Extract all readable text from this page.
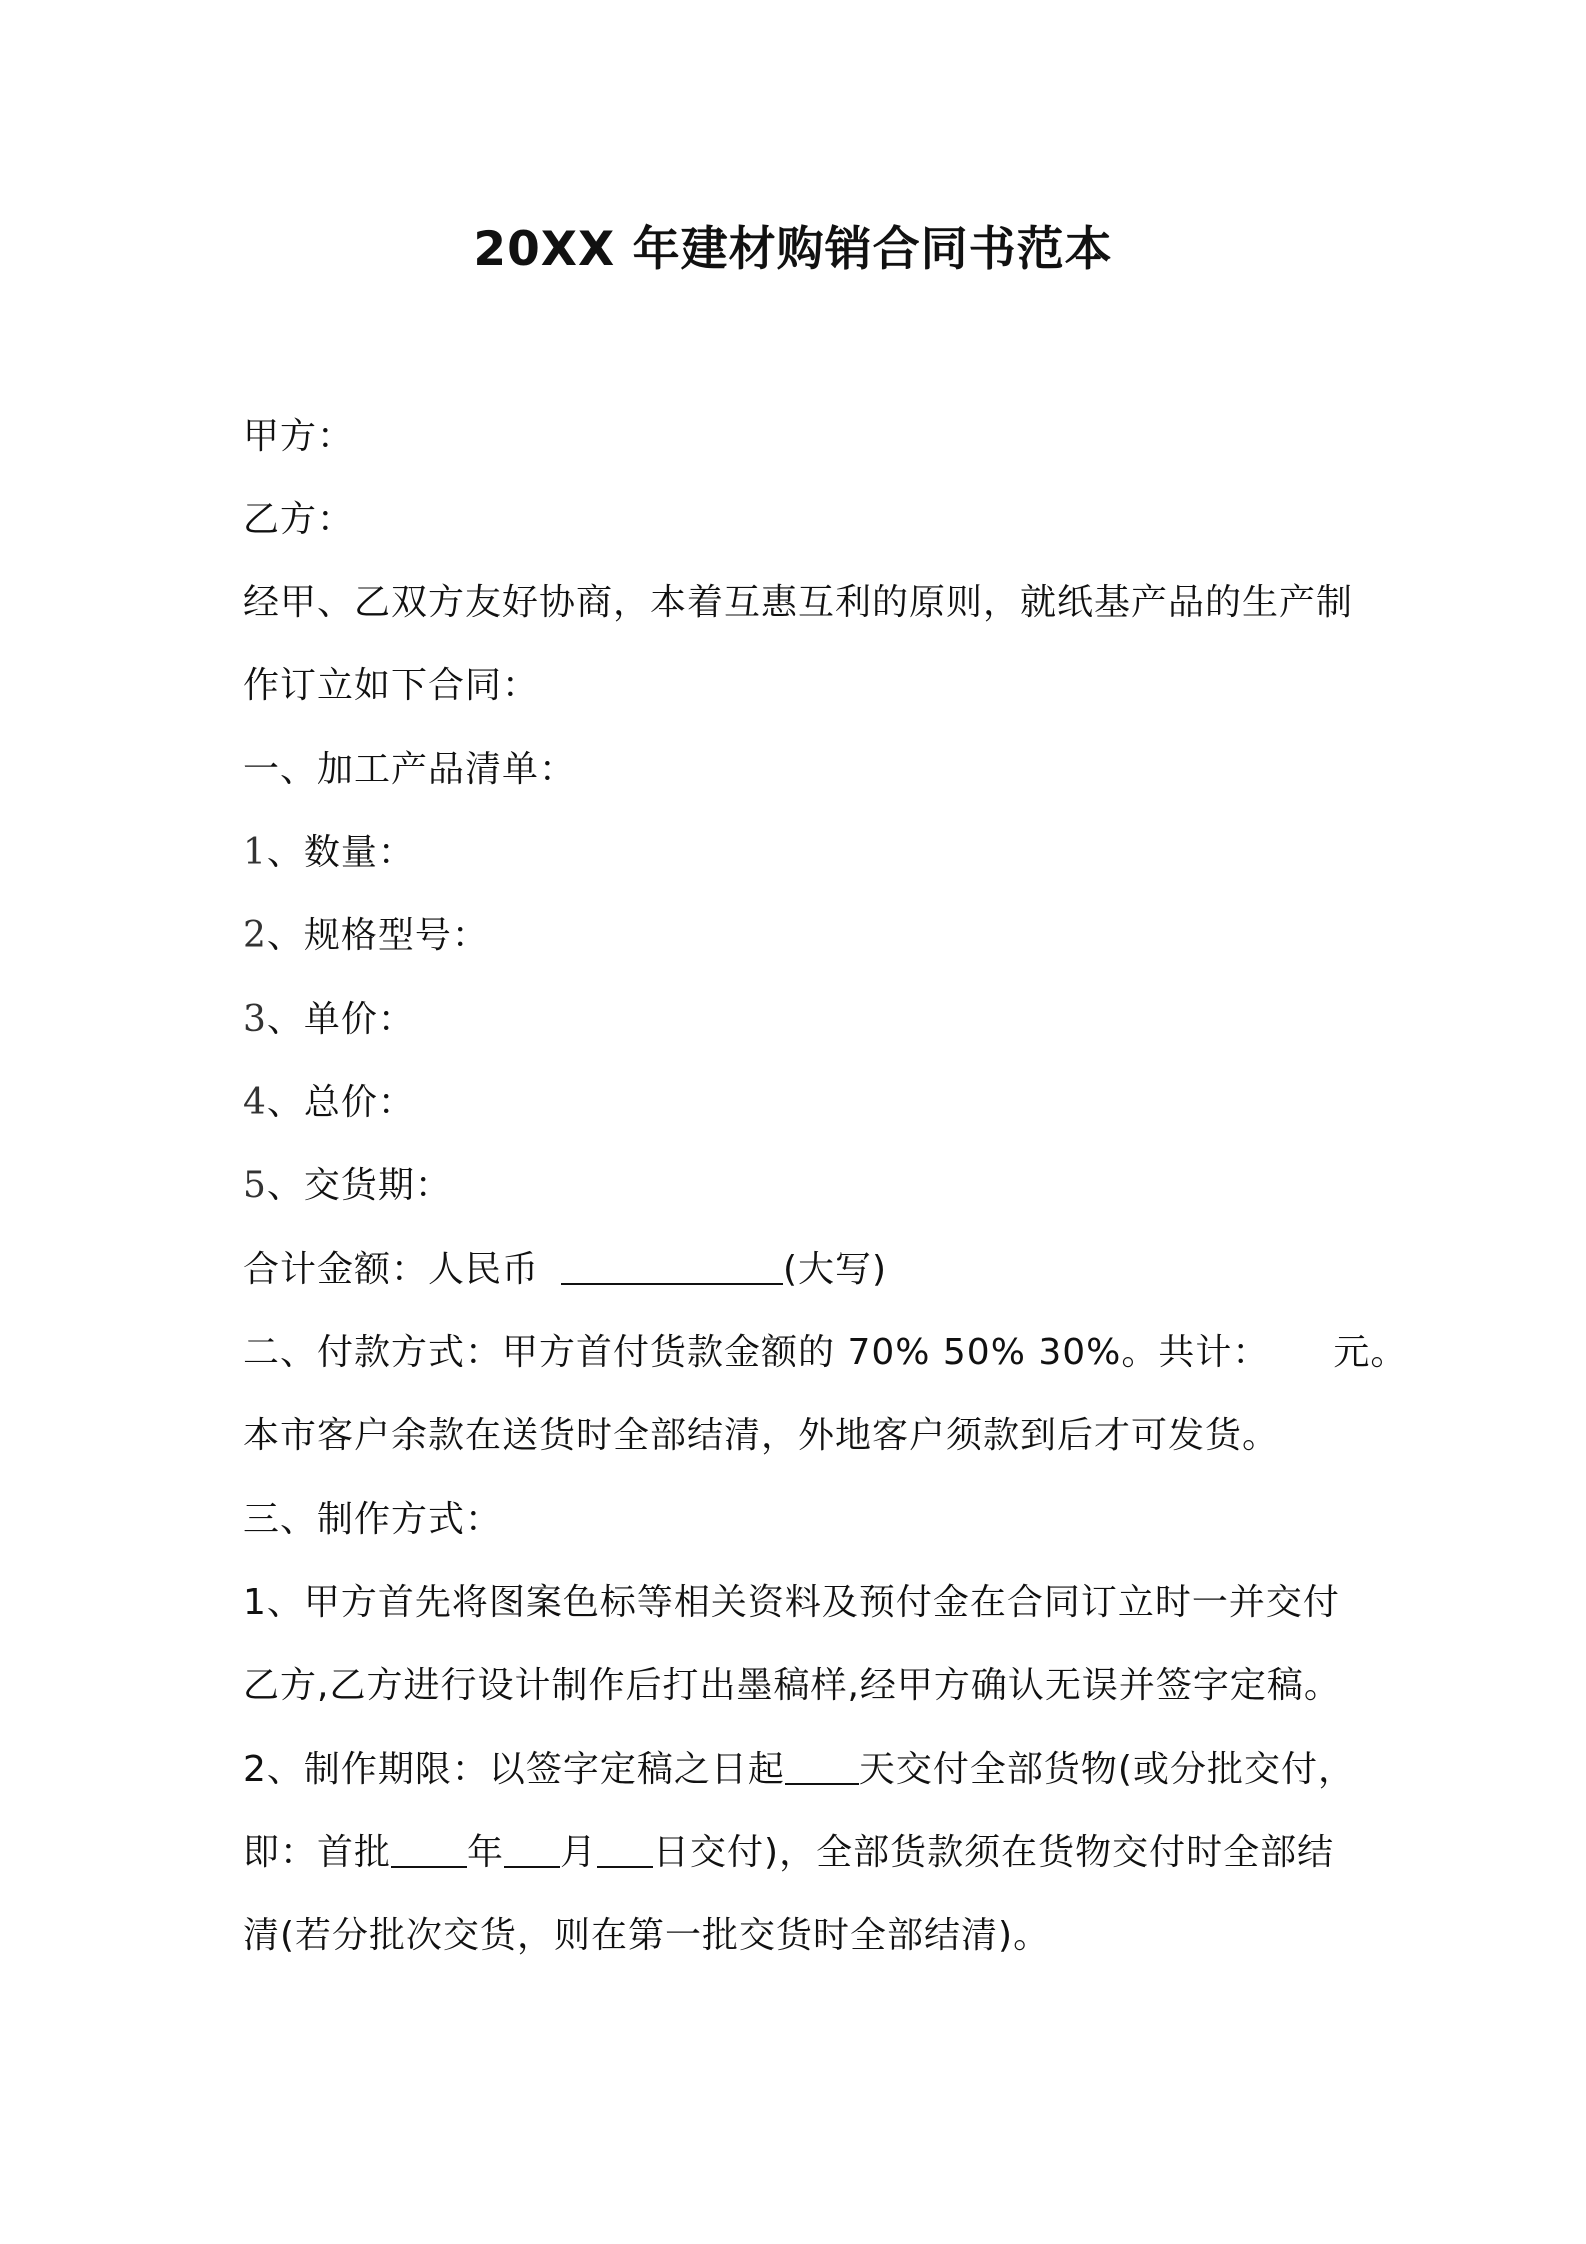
20XX 年建材购销合同书范本
甲方：
乙方：
经甲、乙双方友好协商，本着互惠互利的原则，就纸基产品的生产制
作订立如下合同：
一、加工产品清单：
1、数量：
2、规格型号：
3、单价：
4、总价：
5、交货期：
合计金额：人民币	(大写)
二、付款方式：甲方首付货款金额的 70% 50% 30%。共计： 元。
本市客户余款在送货时全部结清，外地客户须款到后才可发货。
三、制作方式：
1、甲方首先将图案色标等相关资料及预付金在合同订立时一并交付
乙方,乙方进行设计制作后打出墨稿样,经甲方确认无误并签字定稿。
2、制作期限：以签字定稿之日起 天交付全部货物(或分批交付，
即：首批 年 月 日交付)，全部货款须在货物交付时全部结
清(若分批次交货，则在第一批交货时全部结清)。
